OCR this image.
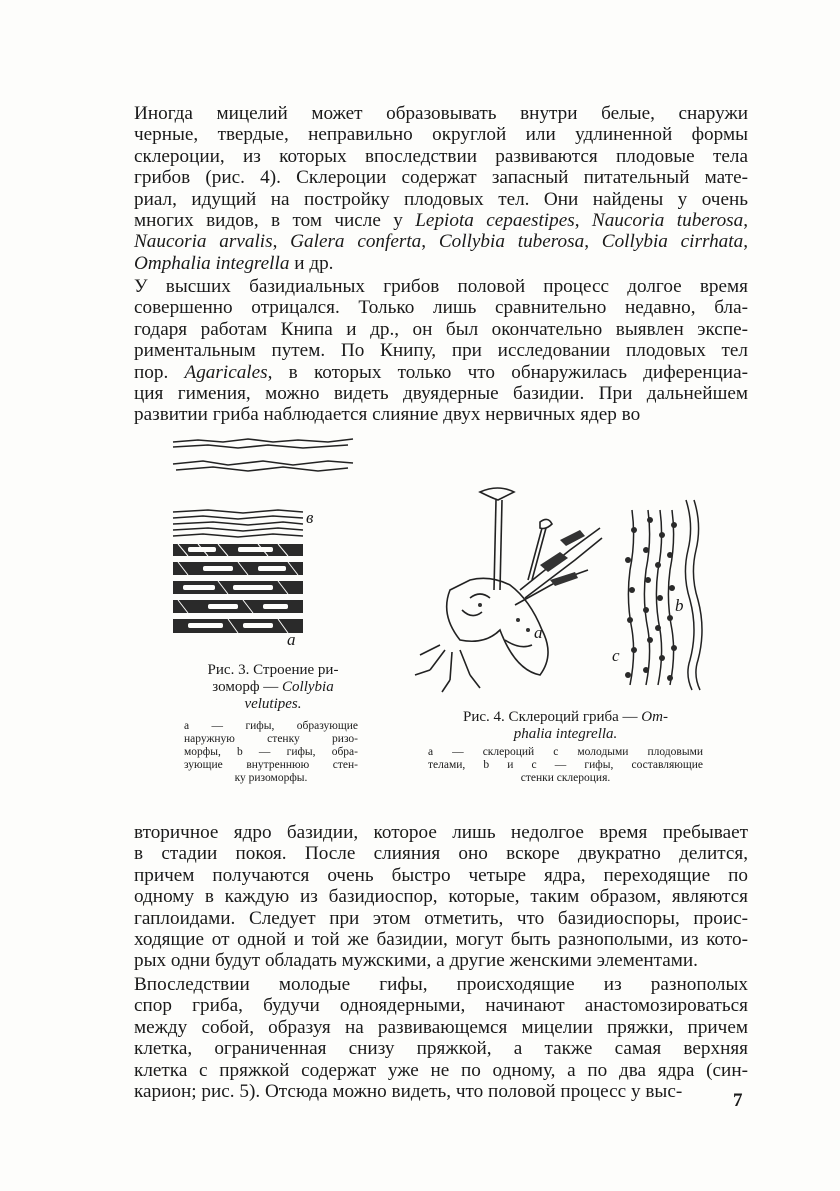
Иногда мицелий может образовывать внутри белые, снаружи
черные, твердые, неправильно округлой или удлиненной формы
склероции, из которых впоследствии развиваются плодовые тела
грибов (рис. 4). Склероции содержат запасный питательный мате-
риал, идущий на постройку плодовых тел. Они найдены у очень
многих видов, в том числе у Lepiota cepaestipes, Naucoria tuberosa,
Naucoria arvalis, Galera conferta, Collybia tuberosa, Collybia cirrhata,
Omphalia integrella и др.

У высших базидиальных грибов половой процесс долгое время
совершенно отрицался. Только лишь сравнительно недавно, бла-
годаря работам Книпа и др., он был окончательно выявлен экспе-
риментальным путем. По Книпу, при исследовании плодовых тел
пор. Agaricales, в которых только что обнаружилась диференциа-
ция гимения, можно видеть двуядерные базидии. При дальнейшем
развитии гриба наблюдается слияние двух нервичных ядер во

в
а

Рис. 3. Строение ри-
зоморф — Collybia
velutipes.

а — гифы, образующие
наружную стенку ризо-
морфы, b — гифы, обра-
зующие внутреннюю стен-
ку ризоморфы.

а
b
c

Рис. 4. Склероций гриба — Om-
phalia integrella.

а — склероций с молодыми плодовыми
телами, b и c — гифы, составляющие
стенки склероция.

вторичное ядро базидии, которое лишь недолгое время пребывает
в стадии покоя. После слияния оно вскоре двукратно делится,
причем получаются очень быстро четыре ядра, переходящие по
одному в каждую из базидиоспор, которые, таким образом, являются
гаплоидами. Следует при этом отметить, что базидиоспоры, проис-
ходящие от одной и той же базидии, могут быть разнополыми, из кото-
рых одни будут обладать мужскими, а другие женскими элементами.

Впоследствии молодые гифы, происходящие из разнополых
спор гриба, будучи одноядерными, начинают анастомозироваться
между собой, образуя на развивающемся мицелии пряжки, причем
клетка, ограниченная снизу пряжкой, а также самая верхняя
клетка с пряжкой содержат уже не по одному, а по два ядра (син-
карион; рис. 5). Отсюда можно видеть, что половой процесс у выс-	7
